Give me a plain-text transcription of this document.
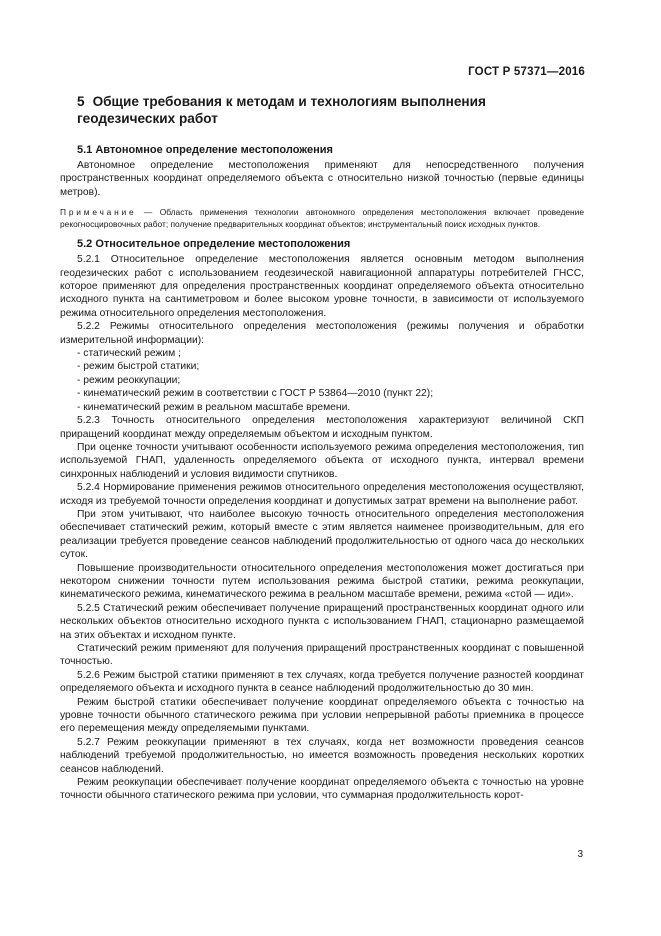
ГОСТ Р 57371—2016
5 Общие требования к методам и технологиям выполнения геодезических работ
5.1 Автономное определение местоположения

Автономное определение местоположения применяют для непосредственного получения пространственных координат определяемого объекта с относительно низкой точностью (первые единицы метров).

Примечание — Область применения технологии автономного определения местоположения включает проведение рекогносцировочных работ; получение предварительных координат объектов; инструментальный поиск исходных пунктов.

5.2 Относительное определение местоположения

5.2.1 Относительное определение местоположения является основным методом выполнения геодезических работ с использованием геодезической навигационной аппаратуры потребителей ГНСС, которое применяют для определения пространственных координат определяемого объекта относительно исходного пункта на сантиметровом и более высоком уровне точности, в зависимости от используемого режима относительного определения местоположения.

5.2.2 Режимы относительного определения местоположения (режимы получения и обработки измерительной информации):

- статический режим ;

- режим быстрой статики;

- режим реоккупации;

- кинематический режим в соответствии с ГОСТ Р 53864—2010 (пункт 22);

- кинематический режим в реальном масштабе времени.

5.2.3 Точность относительного определения местоположения характеризуют величиной СКП приращений координат между определяемым объектом и исходным пунктом.

При оценке точности учитывают особенности используемого режима определения местоположения, тип используемой ГНАП, удаленность определяемого объекта от исходного пункта, интервал времени синхронных наблюдений и условия видимости спутников.

5.2.4 Нормирование применения режимов относительного определения местоположения осуществляют, исходя из требуемой точности определения координат и допустимых затрат времени на выполнение работ.

При этом учитывают, что наиболее высокую точность относительного определения местоположения обеспечивает статический режим, который вместе с этим является наименее производительным, для его реализации требуется проведение сеансов наблюдений продолжительностью от одного часа до нескольких суток.

Повышение производительности относительного определения местоположения может достигаться при некотором снижении точности путем использования режима быстрой статики, режима реоккупации, кинематического режима, кинематического режима в реальном масштабе времени, режима «стой — иди».

5.2.5 Статический режим обеспечивает получение приращений пространственных координат одного или нескольких объектов относительно исходного пункта с использованием ГНАП, стационарно размещаемой на этих объектах и исходном пункте.

Статический режим применяют для получения приращений пространственных координат с повышенной точностью.

5.2.6 Режим быстрой статики применяют в тех случаях, когда требуется получение разностей координат определяемого объекта и исходного пункта в сеансе наблюдений продолжительностью до 30 мин.

Режим быстрой статики обеспечивает получение координат определяемого объекта с точностью на уровне точности обычного статического режима при условии непрерывной работы приемника в процессе его перемещения между определяемыми пунктами.

5.2.7 Режим реоккупации применяют в тех случаях, когда нет возможности проведения сеансов наблюдений требуемой продолжительностью, но имеется возможность проведения нескольких коротких сеансов наблюдений.

Режим реоккупации обеспечивает получение координат определяемого объекта с точностью на уровне точности обычного статического режима при условии, что суммарная продолжительность корот-

3
